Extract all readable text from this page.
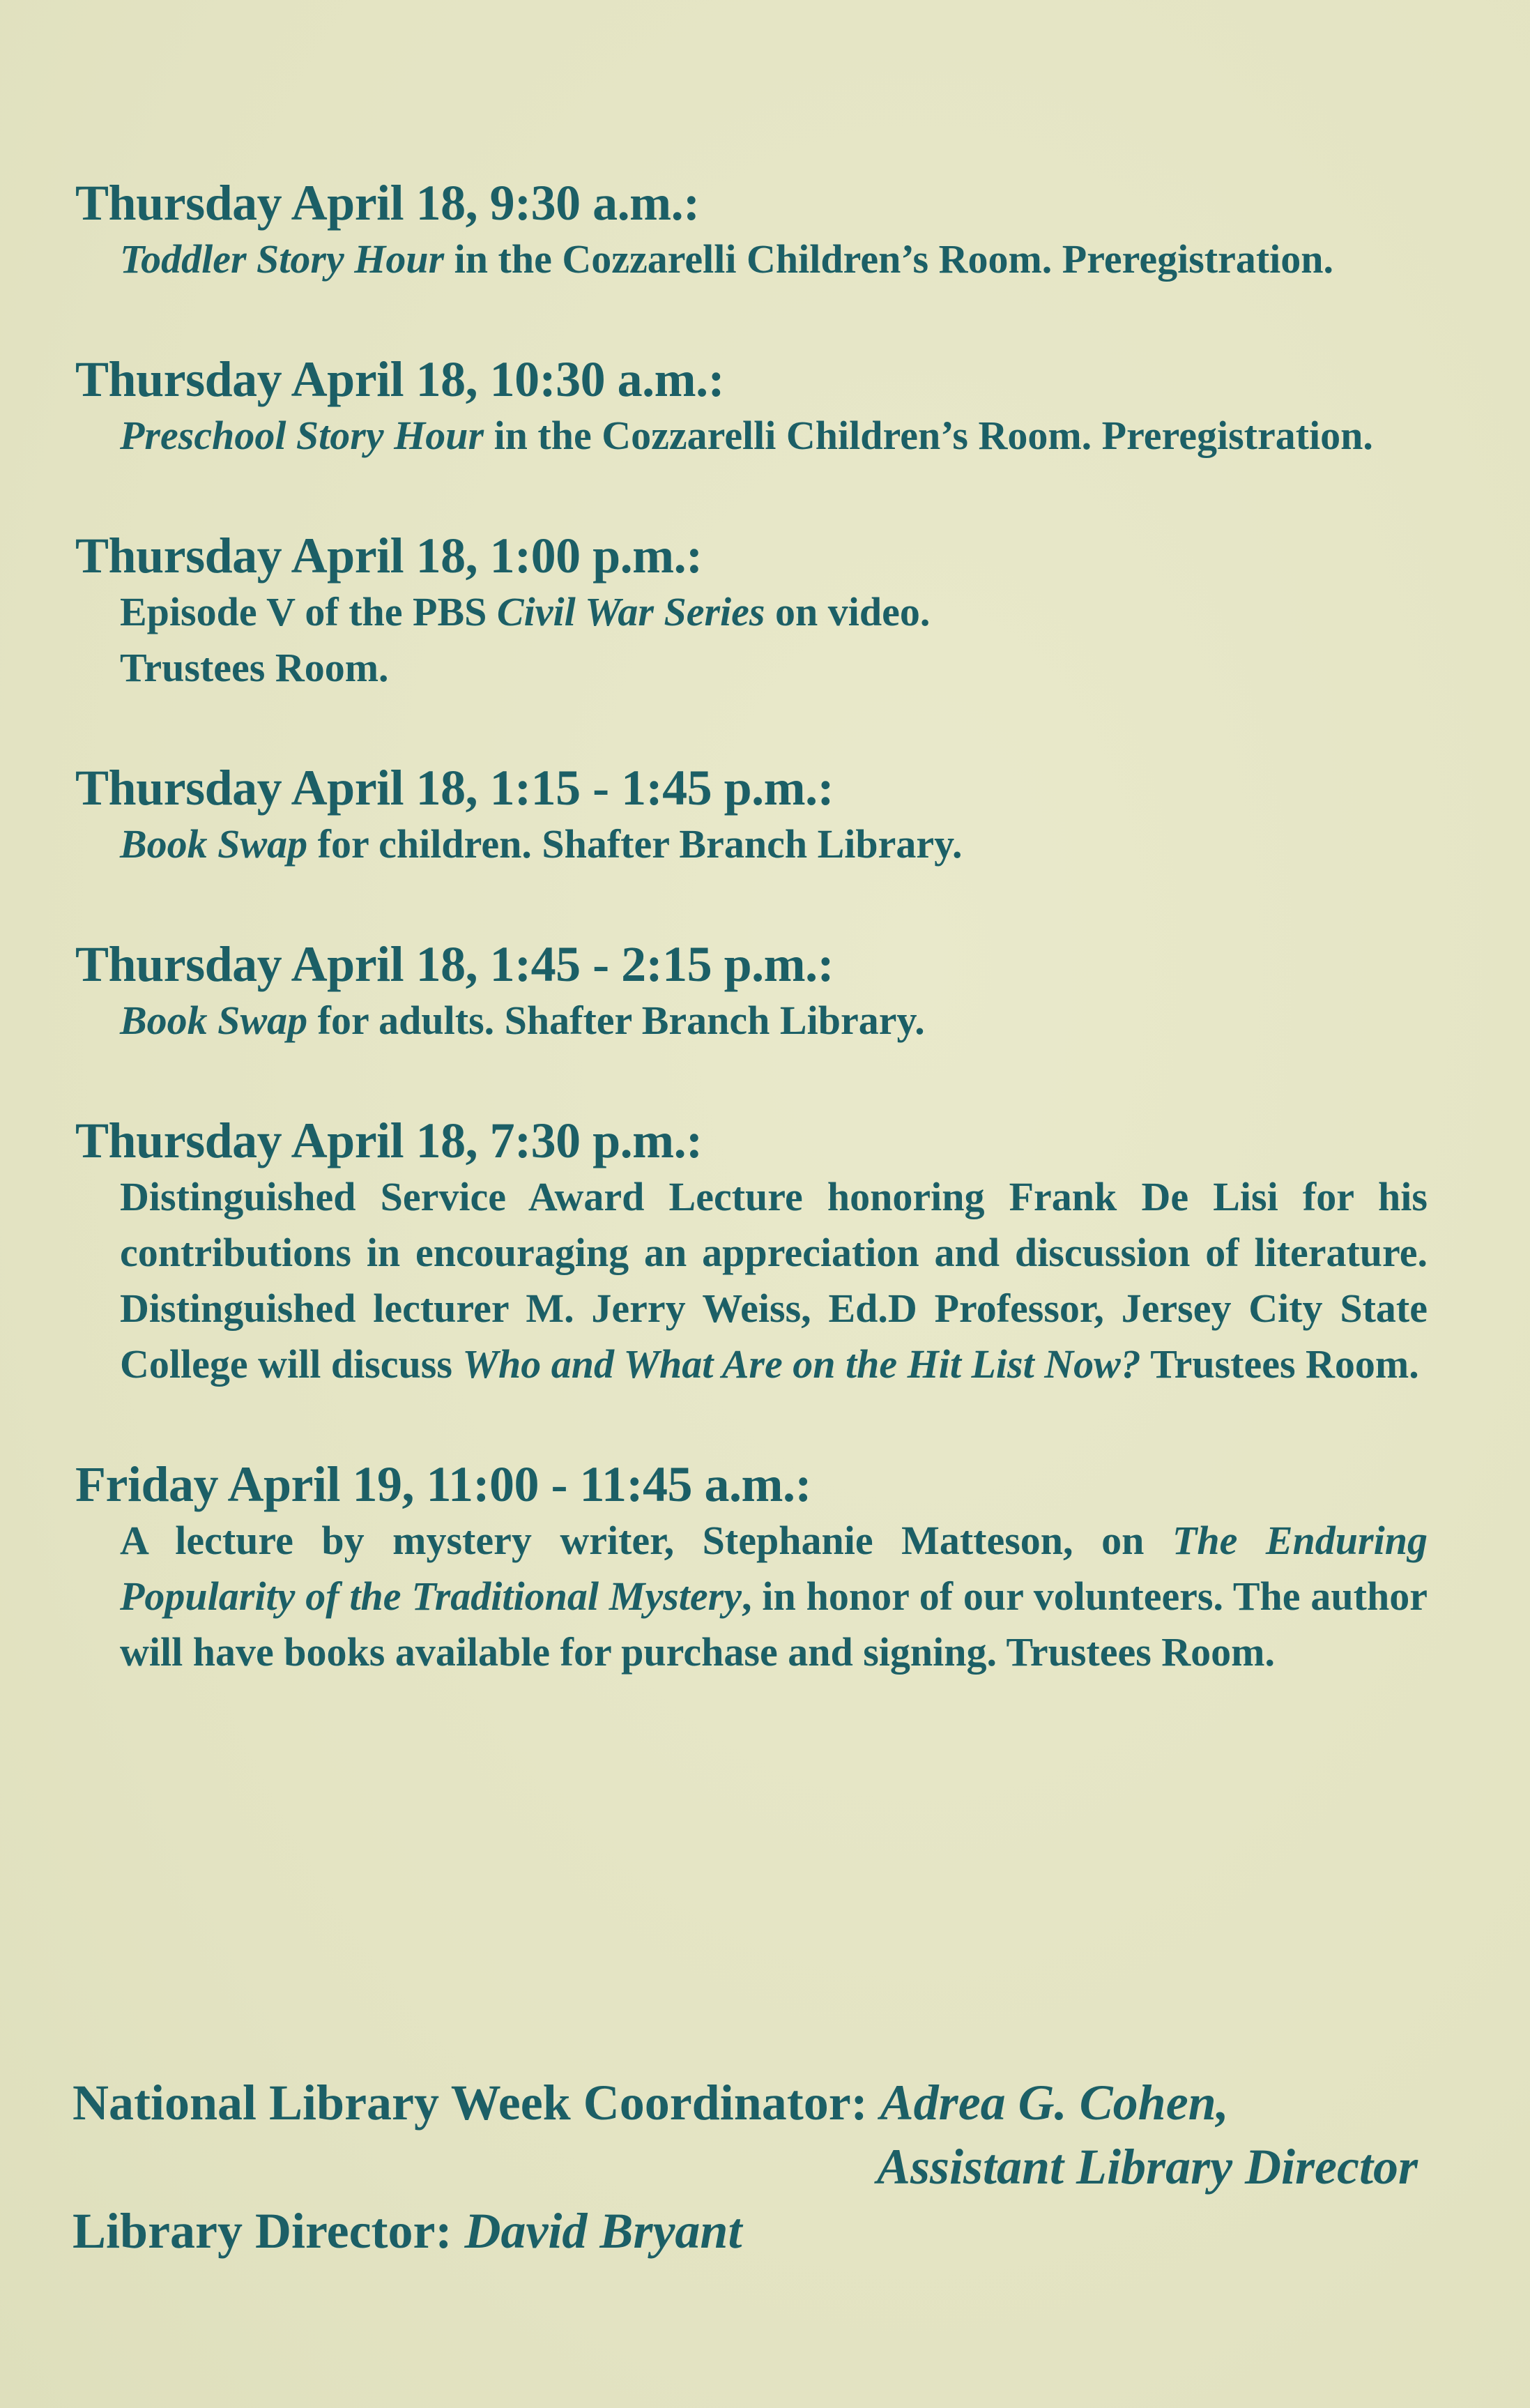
Thursday April 18, 9:30 a.m.:

Toddler Story Hour in the Cozzarelli Children’s Room. Preregistration.

Thursday April 18, 10:30 a.m.:

Preschool Story Hour in the Cozzarelli Children’s Room. Preregistration.

Thursday April 18, 1:00 p.m.:

Episode V of the PBS Civil War Series on video.
Trustees Room.

Thursday April 18, 1:15 - 1:45 p.m.:

Book Swap for children. Shafter Branch Library.

Thursday April 18, 1:45 - 2:15 p.m.:

Book Swap for adults. Shafter Branch Library.

Thursday April 18, 7:30 p.m.:

Distinguished Service Award Lecture honoring Frank De Lisi for his contributions in encouraging an appreciation and discussion of literature. Distinguished lecturer M. Jerry Weiss, Ed.D Professor, Jersey City State College will discuss Who and What Are on the Hit List Now? Trustees Room.

Friday April 19, 11:00 - 11:45 a.m.:

A lecture by mystery writer, Stephanie Matteson, on The Enduring Popularity of the Traditional Mystery, in honor of our volunteers. The author will have books available for purchase and signing. Trustees Room.

National Library Week Coordinator: Adrea G. Cohen,

Assistant Library Director

Library Director: David Bryant
